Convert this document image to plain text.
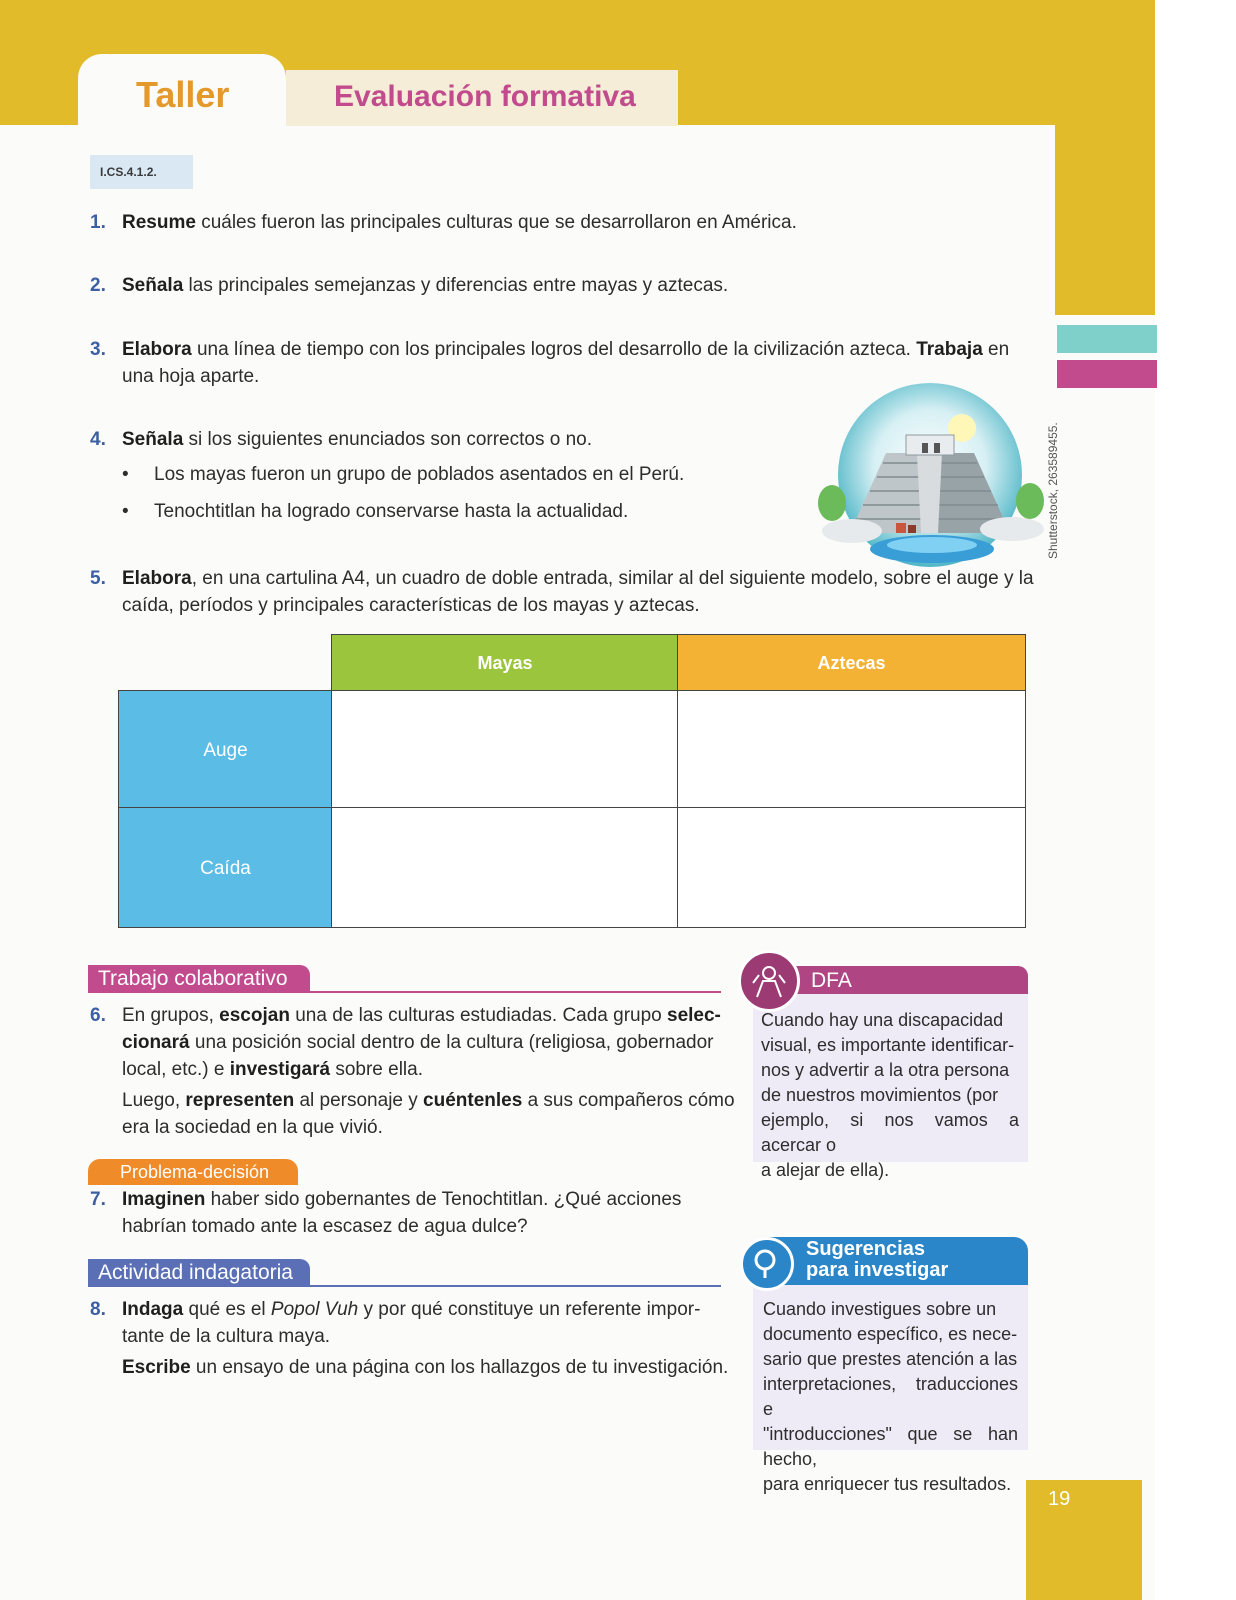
Taller	Evaluación formativa
I.CS.4.1.2.
1. Resume cuáles fueron las principales culturas que se desarrollaron en América.
2. Señala las principales semejanzas y diferencias entre mayas y aztecas.
3. Elabora una línea de tiempo con los principales logros del desarrollo de la civilización azteca. Trabaja en
una hoja aparte.
4. Señala si los siguientes enunciados son correctos o no.
• Los mayas fueron un grupo de poblados asentados en el Perú.
• Tenochtitlan ha logrado conservarse hasta la actualidad.	Shutterstock, 263589455.
5. Elabora, en una cartulina A4, un cuadro de doble entrada, similar al del siguiente modelo, sobre el auge y la
caída, períodos y principales características de los mayas y aztecas.
Mayas	Aztecas
Auge
Caída
Trabajo colaborativo
6. En grupos, escojan una de las culturas estudiadas. Cada grupo selec-
cionará una posición social dentro de la cultura (religiosa, gobernador
local, etc.) e investigará sobre ella.
Luego, representen al personaje y cuéntenles a sus compañeros cómo
era la sociedad en la que vivió.
Problema-decisión
7. Imaginen haber sido gobernantes de Tenochtitlan. ¿Qué acciones
habrían tomado ante la escasez de agua dulce?
Actividad indagatoria
8. Indaga qué es el Popol Vuh y por qué constituye un referente impor-
tante de la cultura maya.
Escribe un ensayo de una página con los hallazgos de tu investigación.
DFA
Cuando hay una discapacidad
visual, es importante identificar-
nos y advertir a la otra persona
de nuestros movimientos (por
ejemplo, si nos vamos a acercar o
a alejar de ella).
Sugerencias
para investigar
Cuando investigues sobre un
documento específico, es nece-
sario que prestes atención a las
interpretaciones, traducciones e
"introducciones" que se han hecho,
para enriquecer tus resultados.
19
